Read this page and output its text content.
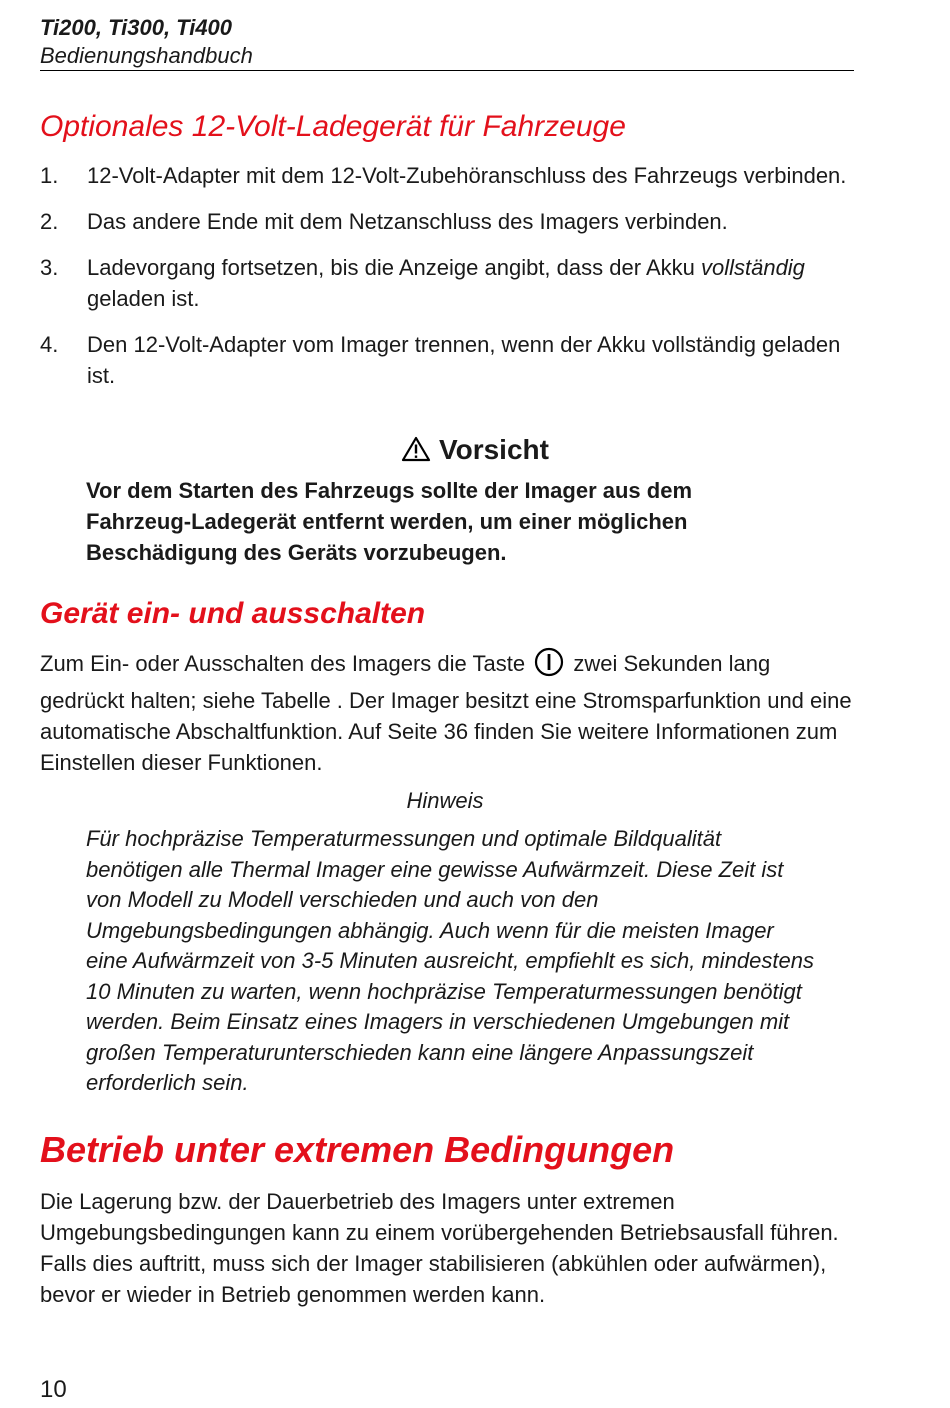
Ti200, Ti300, Ti400
Bedienungshandbuch
Optionales 12-Volt-Ladegerät für Fahrzeuge
1.	12-Volt-Adapter mit dem 12-Volt-Zubehöranschluss des Fahrzeugs verbinden.
2.	Das andere Ende mit dem Netzanschluss des Imagers verbinden.
3.	Ladevorgang fortsetzen, bis die Anzeige angibt, dass der Akku vollständig geladen ist.
4.	Den 12-Volt-Adapter vom Imager trennen, wenn der Akku vollständig geladen ist.
Vorsicht
Vor dem Starten des Fahrzeugs sollte der Imager aus dem Fahrzeug-Ladegerät entfernt werden, um einer möglichen Beschädigung des Geräts vorzubeugen.
Gerät ein- und ausschalten
Zum Ein- oder Ausschalten des Imagers die Taste zwei Sekunden lang gedrückt halten; siehe Tabelle . Der Imager besitzt eine Stromsparfunktion und eine automatische Abschaltfunktion. Auf Seite 36 finden Sie weitere Informationen zum Einstellen dieser Funktionen.
Hinweis
Für hochpräzise Temperaturmessungen und optimale Bildqualität benötigen alle Thermal Imager eine gewisse Aufwärmzeit. Diese Zeit ist von Modell zu Modell verschieden und auch von den Umgebungsbedingungen abhängig. Auch wenn für die meisten Imager eine Aufwärmzeit von 3-5 Minuten ausreicht, empfiehlt es sich, mindestens 10 Minuten zu warten, wenn hochpräzise Temperaturmessungen benötigt werden. Beim Einsatz eines Imagers in verschiedenen Umgebungen mit großen Temperaturunterschieden kann eine längere Anpassungszeit erforderlich sein.
Betrieb unter extremen Bedingungen
Die Lagerung bzw. der Dauerbetrieb des Imagers unter extremen Umgebungsbedingungen kann zu einem vorübergehenden Betriebsausfall führen. Falls dies auftritt, muss sich der Imager stabilisieren (abkühlen oder aufwärmen), bevor er wieder in Betrieb genommen werden kann.
10
